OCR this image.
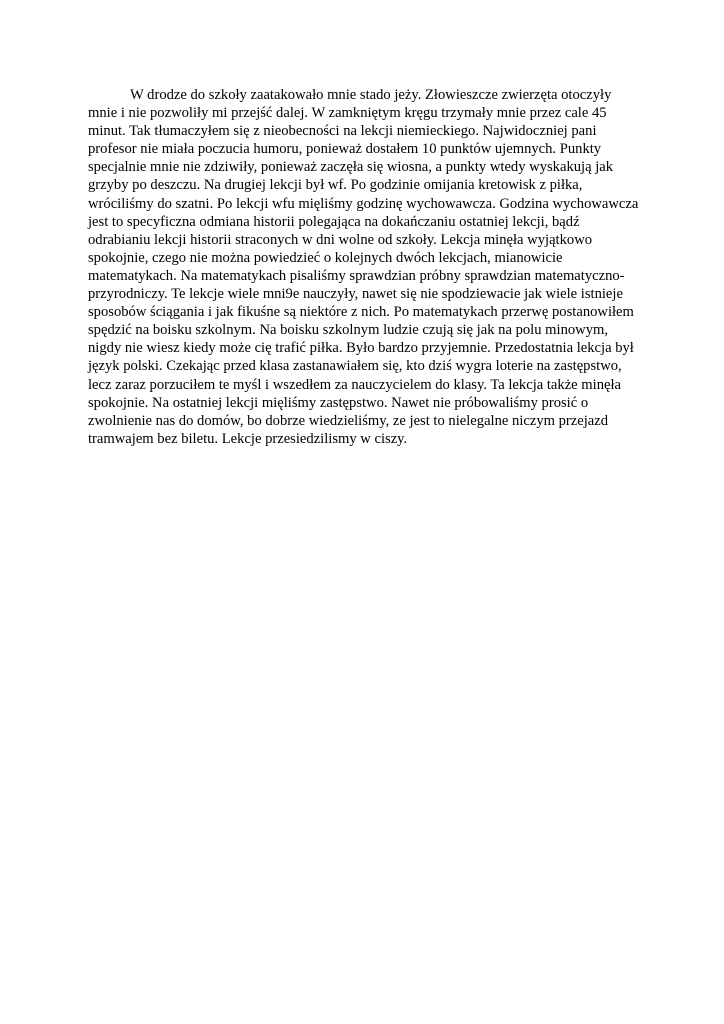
W drodze do szkoły zaatakowało mnie stado jeży. Złowieszcze zwierzęta otoczyły

mnie i nie pozwoliły mi przejść dalej. W zamkniętym kręgu trzymały mnie przez cale 45

minut. Tak tłumaczyłem się z nieobecności na lekcji niemieckiego. Najwidoczniej pani

profesor nie miała poczucia humoru, ponieważ dostałem 10 punktów ujemnych. Punkty

specjalnie mnie nie zdziwiły, ponieważ zaczęła się wiosna, a punkty wtedy wyskakują jak

grzyby po deszczu. Na drugiej lekcji był wf. Po godzinie omijania kretowisk z piłka,

wróciliśmy do szatni. Po lekcji wfu mięliśmy godzinę wychowawcza. Godzina wychowawcza

jest to specyficzna odmiana historii polegająca na dokańczaniu ostatniej lekcji, bądź

odrabianiu lekcji historii straconych w dni wolne od szkoły. Lekcja minęła wyjątkowo

spokojnie, czego nie można powiedzieć o kolejnych dwóch lekcjach, mianowicie

matematykach. Na matematykach pisaliśmy sprawdzian próbny sprawdzian matematyczno-

przyrodniczy. Te lekcje wiele mni9e nauczyły, nawet się nie spodziewacie jak wiele istnieje

sposobów ściągania i jak fikuśne są niektóre z nich. Po matematykach przerwę postanowiłem

spędzić na boisku szkolnym. Na boisku szkolnym ludzie czują się jak na polu minowym,

nigdy nie wiesz kiedy może cię trafić piłka. Było bardzo przyjemnie. Przedostatnia lekcja był

język polski. Czekając przed klasa zastanawiałem się, kto dziś wygra loterie na zastępstwo,

lecz zaraz porzuciłem te myśl i wszedłem za nauczycielem do klasy. Ta lekcja także minęła

spokojnie. Na ostatniej lekcji mięliśmy zastępstwo. Nawet nie próbowaliśmy prosić o

zwolnienie nas do domów, bo dobrze wiedzieliśmy, ze jest to nielegalne niczym przejazd

tramwajem bez biletu. Lekcje przesiedzilismy w ciszy.
